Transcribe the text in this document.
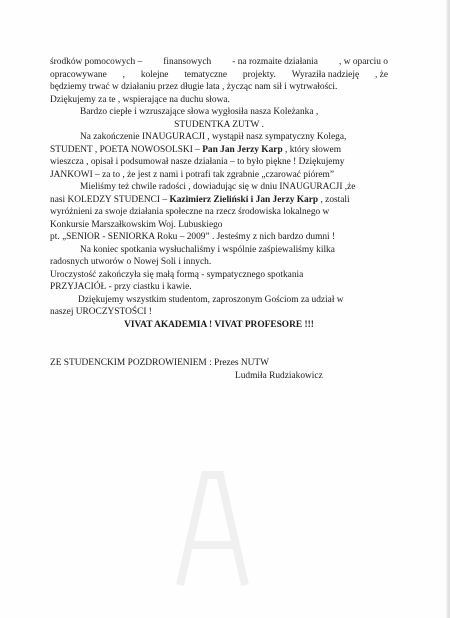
środków pomocowych – finansowych - na rozmaite działania , w oparciu o
opracowywane , kolejne tematyczne projekty. Wyraziła nadzieję , że
będziemy trwać w działaniu przez długie lata , życząc nam sił i wytrwałości.
Dziękujemy za te , wspierające na duchu słowa.
Bardzo ciepłe i wzruszające słowa wygłosiła nasza Koleżanka ,
STUDENTKA ZUTW .
Na zakończenie INAUGURACJI , wystąpił nasz sympatyczny Kolega,
STUDENT , POETA NOWOSOLSKI – Pan Jan Jerzy Karp , który słowem
wieszcza , opisał i podsumował nasze działania – to było piękne ! Dziękujemy
JANKOWI – za to , że jest z nami i potrafi tak zgrabnie „czarować piórem”
Mieliśmy też chwile radości , dowiadując się w dniu INAUGURACJI ,że
nasi KOLEDZY STUDENCI – Kazimierz Zieliński i Jan Jerzy Karp , zostali
wyróżnieni za swoje działania społeczne na rzecz środowiska lokalnego w
Konkursie Marszałkowskim Woj. Lubuskiego
pt. „SENIOR - SENIORKA Roku – 2009” . Jesteśmy z nich bardzo dumni !
Na koniec spotkania wysłuchaliśmy i wspólnie zaśpiewaliśmy kilka
radosnych utworów o Nowej Soli i innych.
Uroczystość zakończyła się małą formą - sympatycznego spotkania
PRZYJACIÓŁ - przy ciastku i kawie.
Dziękujemy wszystkim studentom, zaproszonym Gościom za udział w
naszej UROCZYSTOŚCI !
VIVAT AKADEMIA ! VIVAT PROFESORE !!!
ZE STUDENCKIM POZDROWIENIEM : Prezes NUTW
Ludmiła Rudziakowicz
